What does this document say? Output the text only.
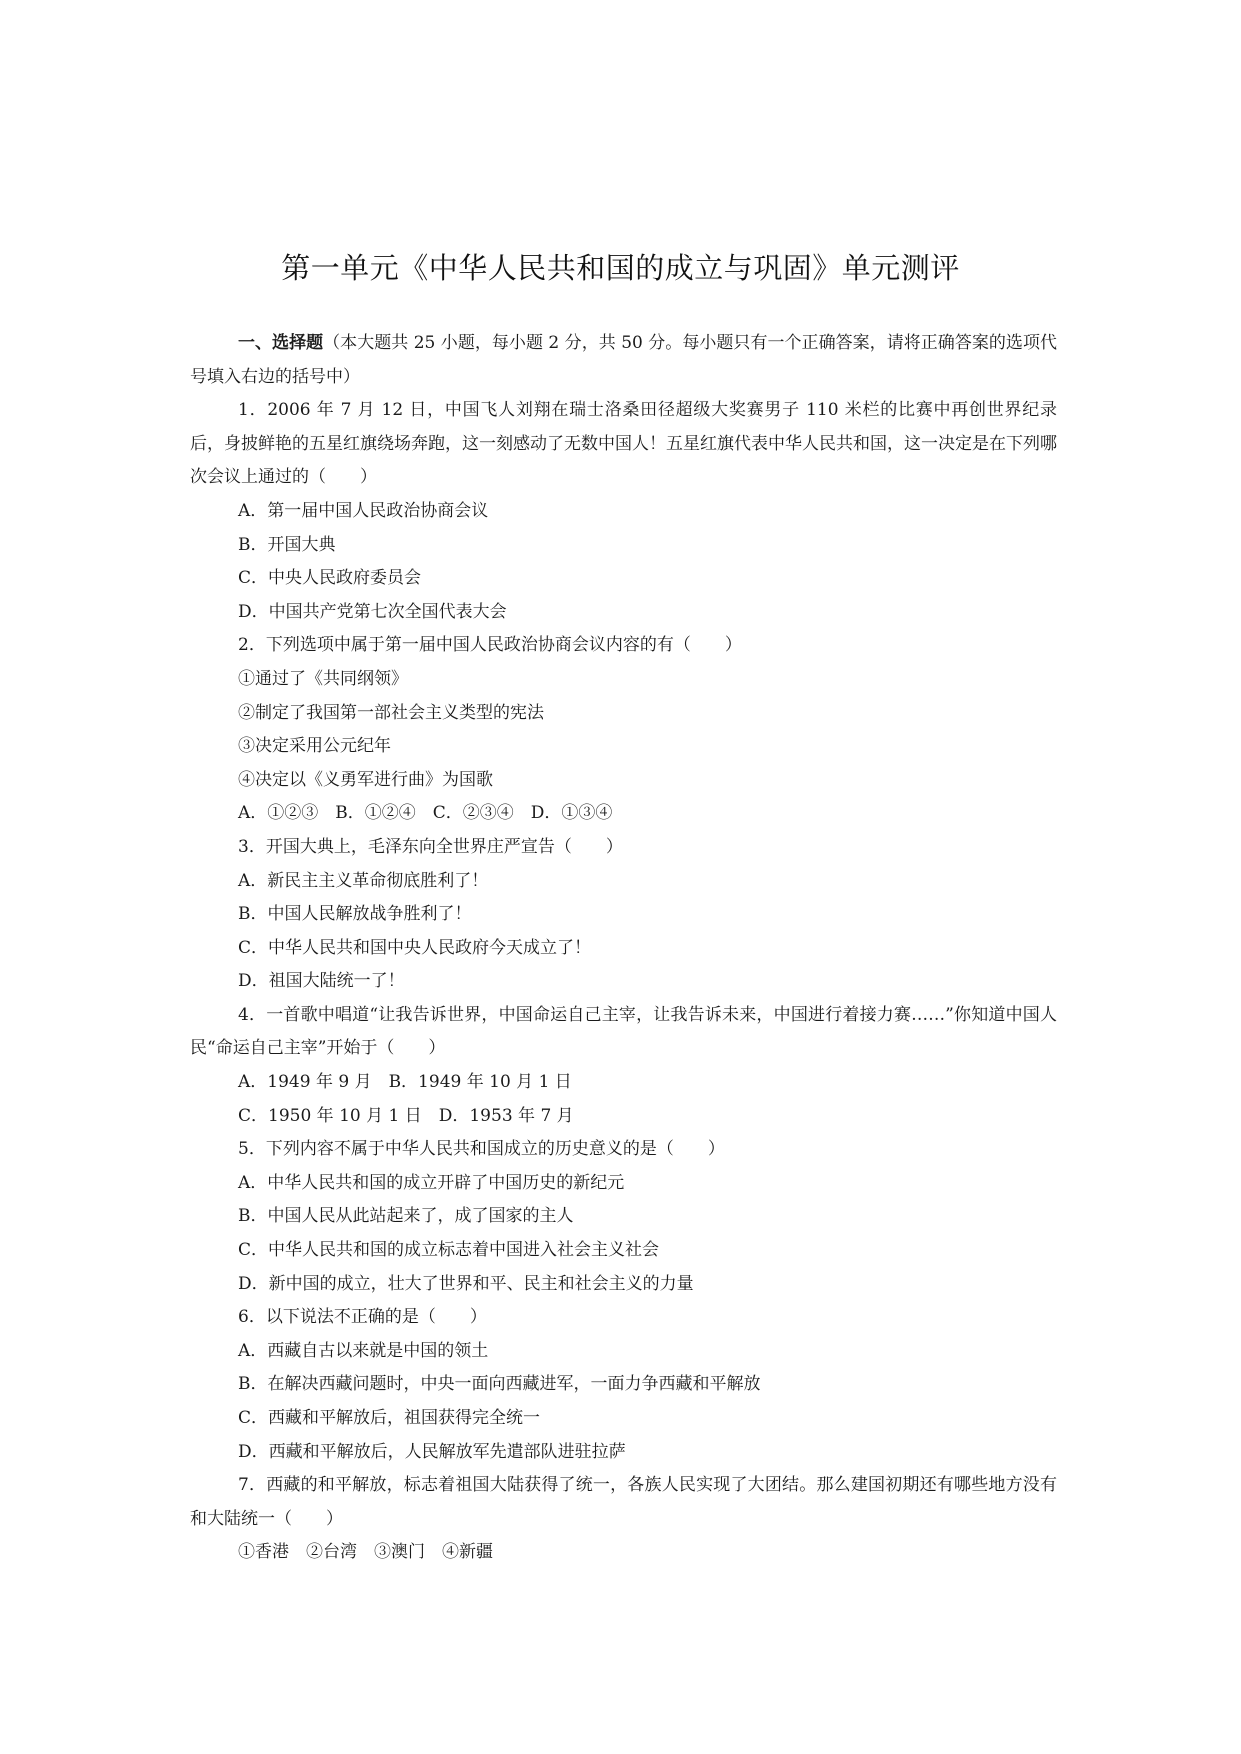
第一单元《中华人民共和国的成立与巩固》单元测评

一、选择题（本大题共 25 小题，每小题 2 分，共 50 分。每小题只有一个正确答案，请将正确答案的选项代号填入右边的括号中）

1．2006 年 7 月 12 日，中国飞人刘翔在瑞士洛桑田径超级大奖赛男子 110 米栏的比赛中再创世界纪录后，身披鲜艳的五星红旗绕场奔跑，这一刻感动了无数中国人！五星红旗代表中华人民共和国，这一决定是在下列哪次会议上通过的（　　）

A．第一届中国人民政治协商会议

B．开国大典

C．中央人民政府委员会

D．中国共产党第七次全国代表大会

2．下列选项中属于第一届中国人民政治协商会议内容的有（　　）

①通过了《共同纲领》

②制定了我国第一部社会主义类型的宪法

③决定采用公元纪年

④决定以《义勇军进行曲》为国歌

A．①②③　B．①②④　C．②③④　D．①③④

3．开国大典上，毛泽东向全世界庄严宣告（　　）

A．新民主主义革命彻底胜利了！

B．中国人民解放战争胜利了！

C．中华人民共和国中央人民政府今天成立了！

D．祖国大陆统一了！

4．一首歌中唱道“让我告诉世界，中国命运自己主宰，让我告诉未来，中国进行着接力赛……”你知道中国人民“命运自己主宰”开始于（　　）

A．1949 年 9 月　B．1949 年 10 月 1 日

C．1950 年 10 月 1 日　D．1953 年 7 月

5．下列内容不属于中华人民共和国成立的历史意义的是（　　）

A．中华人民共和国的成立开辟了中国历史的新纪元

B．中国人民从此站起来了，成了国家的主人

C．中华人民共和国的成立标志着中国进入社会主义社会

D．新中国的成立，壮大了世界和平、民主和社会主义的力量

6．以下说法不正确的是（　　）

A．西藏自古以来就是中国的领土

B．在解决西藏问题时，中央一面向西藏进军，一面力争西藏和平解放

C．西藏和平解放后，祖国获得完全统一

D．西藏和平解放后，人民解放军先遣部队进驻拉萨

7．西藏的和平解放，标志着祖国大陆获得了统一，各族人民实现了大团结。那么建国初期还有哪些地方没有和大陆统一（　　）

①香港　②台湾　③澳门　④新疆
